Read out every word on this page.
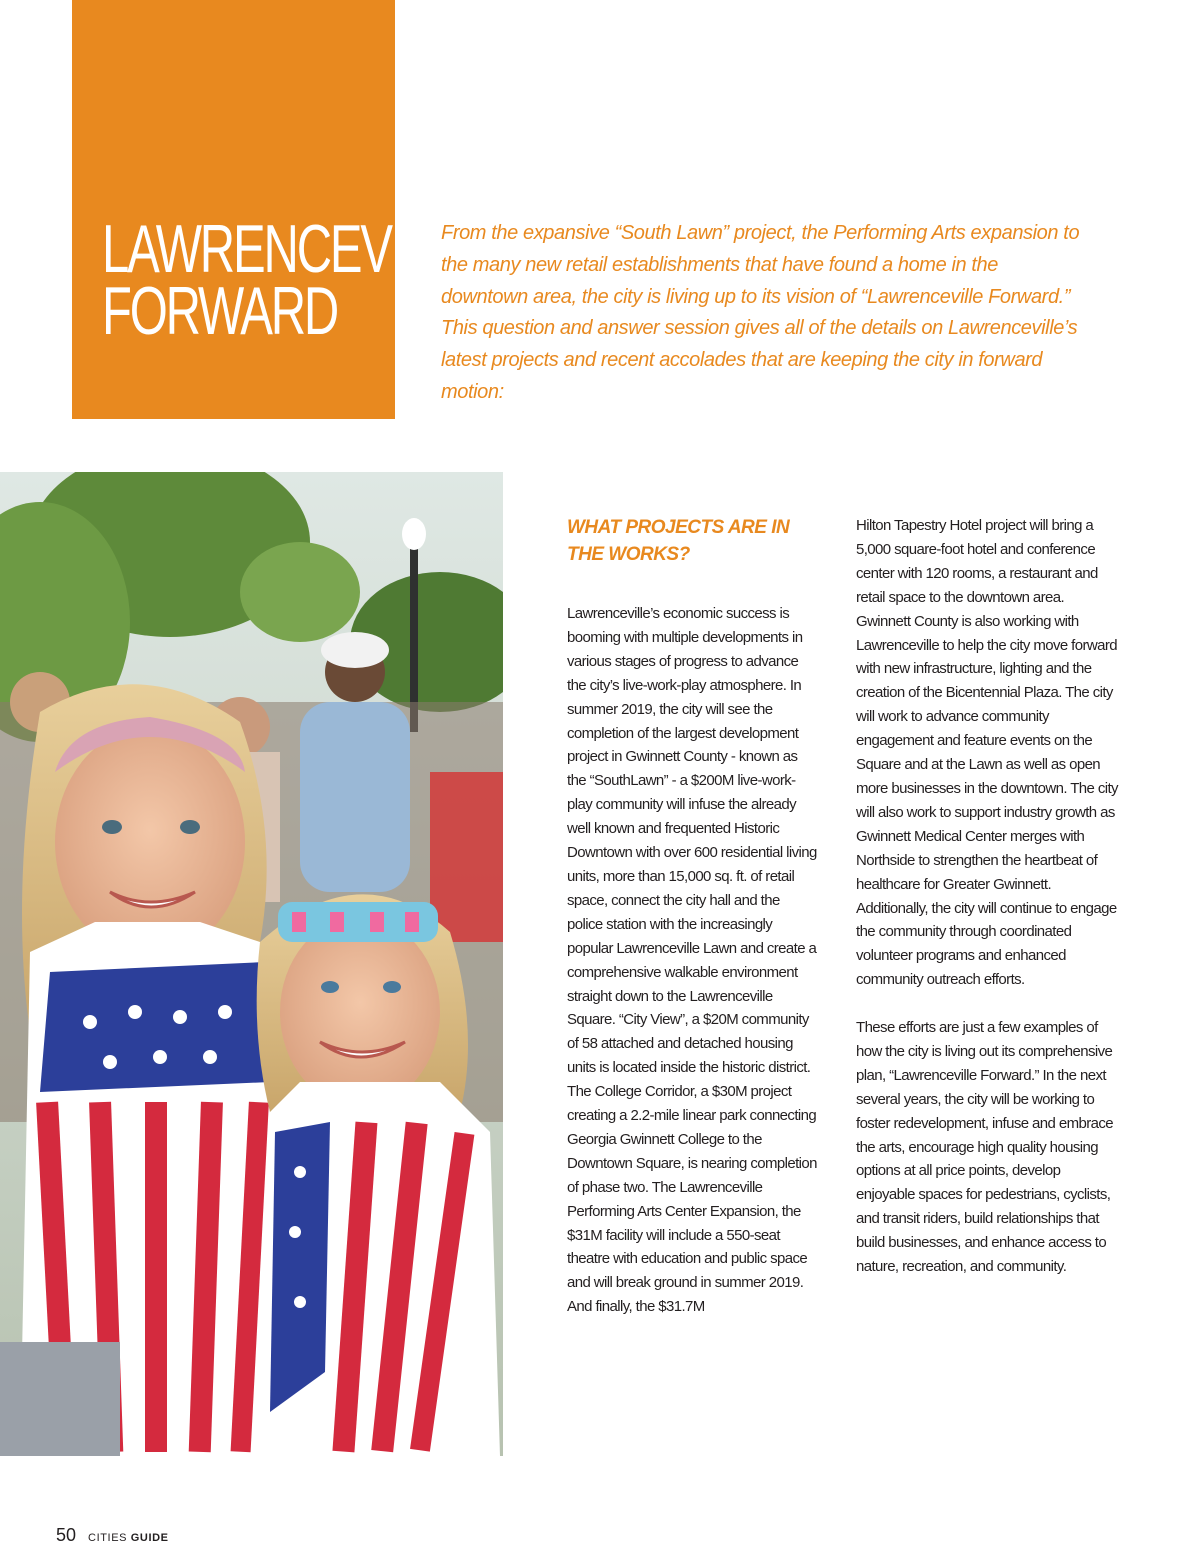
LAWRENCEVILLE
FORWARD

From the expansive “South Lawn” project, the Performing Arts expansion to the many new retail establishments that have found a home in the downtown area, the city is living up to its vision of “Lawrenceville Forward.” This question and answer session gives all of the details on Lawrenceville’s latest projects and recent accolades that are keeping the city in forward motion:

WHAT PROJECTS ARE IN THE WORKS?

Lawrenceville’s economic success is booming with multiple developments in various stages of progress to advance the city’s live-work-play atmosphere. In summer 2019, the city will see the completion of the largest development project in Gwinnett County - known as the “SouthLawn” - a $200M live-work-play community will infuse the already well known and frequented Historic Downtown with over 600 residential living units, more than 15,000 sq. ft. of retail space, connect the city hall and the police station with the increasingly popular Lawrenceville Lawn and create a comprehensive walkable environment straight down to the Lawrenceville Square. “City View”, a $20M community of 58 attached and detached housing units is located inside the historic district. The College Corridor, a $30M project creating a 2.2-mile linear park connecting Georgia Gwinnett College to the Downtown Square, is nearing completion of phase two. The Lawrenceville Performing Arts Center Expansion, the $31M facility will include a 550-seat theatre with education and public space and will break ground in summer 2019. And finally, the $31.7M

Hilton Tapestry Hotel project will bring a 5,000 square-foot hotel and conference center with 120 rooms, a restaurant and retail space to the downtown area. Gwinnett County is also working with Lawrenceville to help the city move forward with new infrastructure, lighting and the creation of the Bicentennial Plaza. The city will work to advance community engagement and feature events on the Square and at the Lawn as well as open more businesses in the downtown. The city will also work to support industry growth as Gwinnett Medical Center merges with Northside to strengthen the heartbeat of healthcare for Greater Gwinnett. Additionally, the city will continue to engage the community through coordinated volunteer programs and enhanced community outreach efforts.

These efforts are just a few examples of how the city is living out its comprehensive plan, “Lawrenceville Forward.” In the next several years, the city will be working to foster redevelopment, infuse and embrace the arts, encourage high quality housing options at all price points, develop enjoyable spaces for pedestrians, cyclists, and transit riders, build relationships that build businesses, and enhance access to nature, recreation, and community.

50 CITIES GUIDE
